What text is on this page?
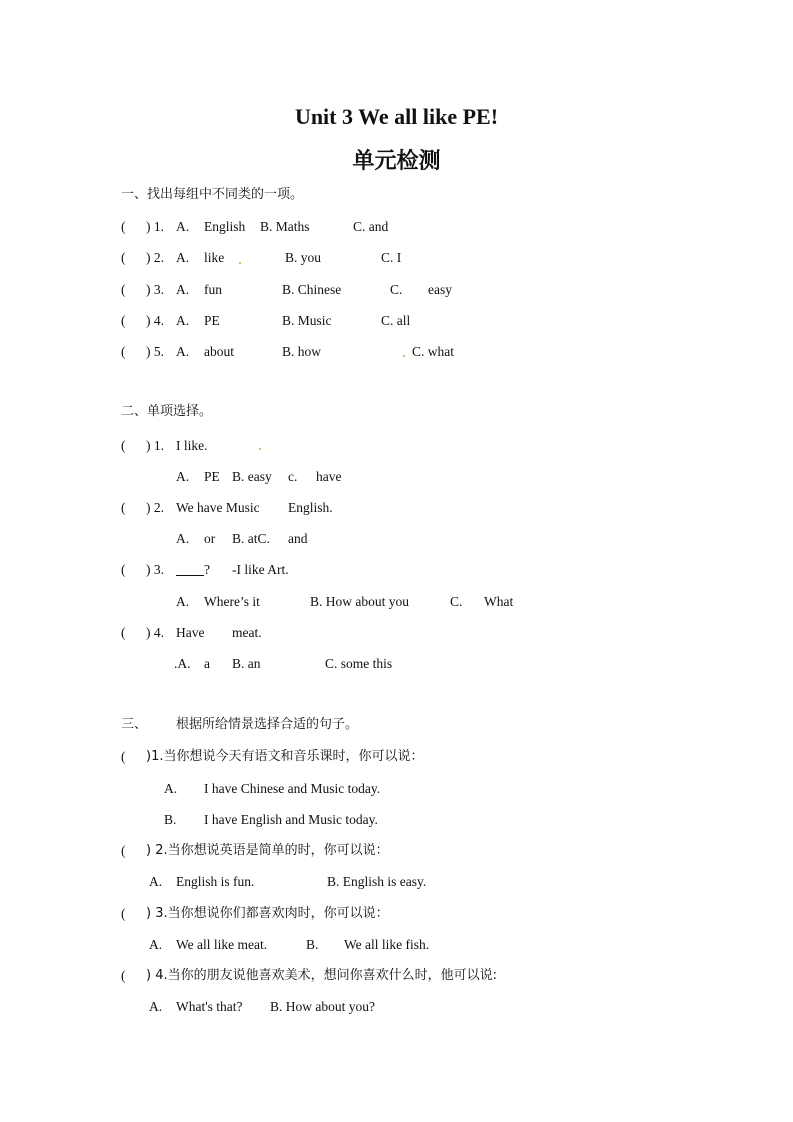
Unit 3 We all like PE!
单元检测
一、找出每组中不同类的一项。
( ) 1. A. English B. Maths	C. and
( ) 2. A. like	B. you	C. I
( ) 3. A. fun	B. Chinese	C. easy
( ) 4. A. PE	B. Music	C. all
( ) 5. A. about	B. how	C. what
二、单项选择。
( ) 1. I like.
A. PE B. easy c. have
( ) 2. We have Music English.
A. or B. atC. and
( ) 3.	? -I like Art.
A. Where’s it	B. How about you	C. What
( ) 4. Have meat.
.A. a B. an	C. some this
三、 根据所给情景选择合适的句子。
( )1.当你想说今天有语文和音乐课时，你可以说：
A. I have Chinese and Music today.
B. I have English and Music today.
( ) 2.当你想说英语是简单的时，你可以说：
A. English is fun.	B. English is easy.
( ) 3.当你想说你们都喜欢肉时，你可以说：
A. We all like meat.	B. We all like fish.
( ) 4.当你的朋友说他喜欢美术，想问你喜欢什么时，他可以说:
A. What's that? B. How about you?
